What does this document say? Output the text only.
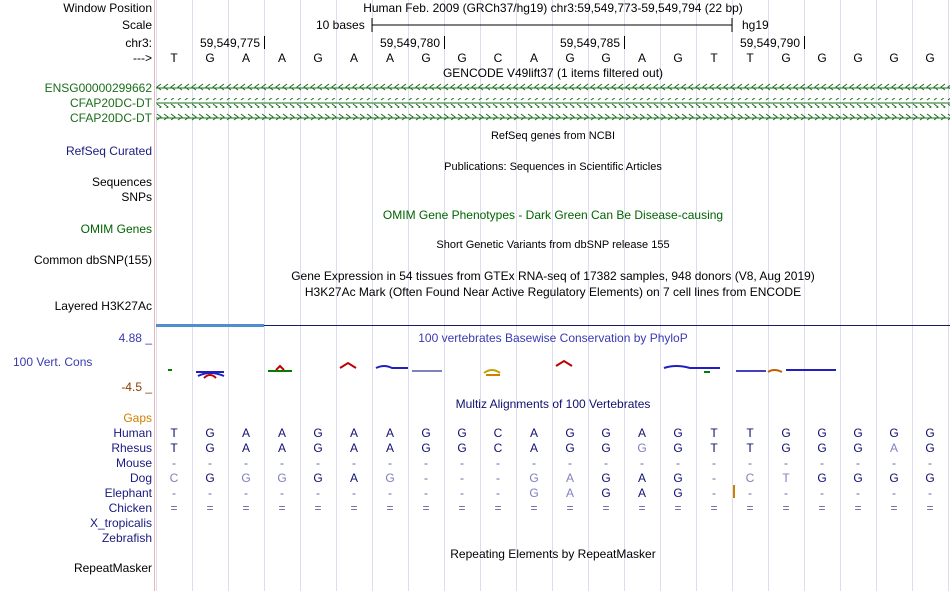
Window Position	Human Feb. 2009 (GRCh37/hg19) chr3:59,549,773-59,549,794 (22 bp)
Scale	10 bases	hg19
chr3:	59,549,775	59,549,780	59,549,785	59,549,790
--->	T	G	A	A	G	A	A	G	G	C	A	G	G	A	G	T	T	G	G	G	G	G
GENCODE V49lift37 (1 items filtered out)
ENSG00000299662
CFAP20DC-DT
CFAP20DC-DT
RefSeq genes from NCBI
RefSeq Curated
Publications: Sequences in Scientific Articles
Sequences
SNPs
OMIM Gene Phenotypes - Dark Green Can Be Disease-causing
OMIM Genes
Short Genetic Variants from dbSNP release 155
Common dbSNP(155)
Gene Expression in 54 tissues from GTEx RNA-seq of 17382 samples, 948 donors (V8, Aug 2019)
H3K27Ac Mark (Often Found Near Active Regulatory Elements) on 7 cell lines from ENCODE
Layered H3K27Ac
100 vertebrates Basewise Conservation by PhyloP
4.88 _
100 Vert. Cons
-4.5 _
Multiz Alignments of 100 Vertebrates
Gaps
Human	T	G	A	A	G	A	A	G	G	C	A	G	G	A	G	T	T	G	G	G	G	G
Rhesus	T	G	A	A	G	A	A	G	G	C	A	G	G	G	G	T	T	G	G	G	A	G
Mouse	-	-	-	-	-	-	-	-	-	-	-	-	-	-	-	-	-	-	-	-	-	-
Dog	C	G	G	G	G	A	G	-	-	-	G	A	G	A	G	-	C	T	G	G	G	G
Elephant	-	-	-	-	-	-	-	-	-	-	G	A	G	A	G	-	-	-	-	-	-	-
Chicken	=	=	=	=	=	=	=	=	=	=	=	=	=	=	=	=	=	=	=	=	=	=
X_tropicalis
Zebrafish
Repeating Elements by RepeatMasker
RepeatMasker
